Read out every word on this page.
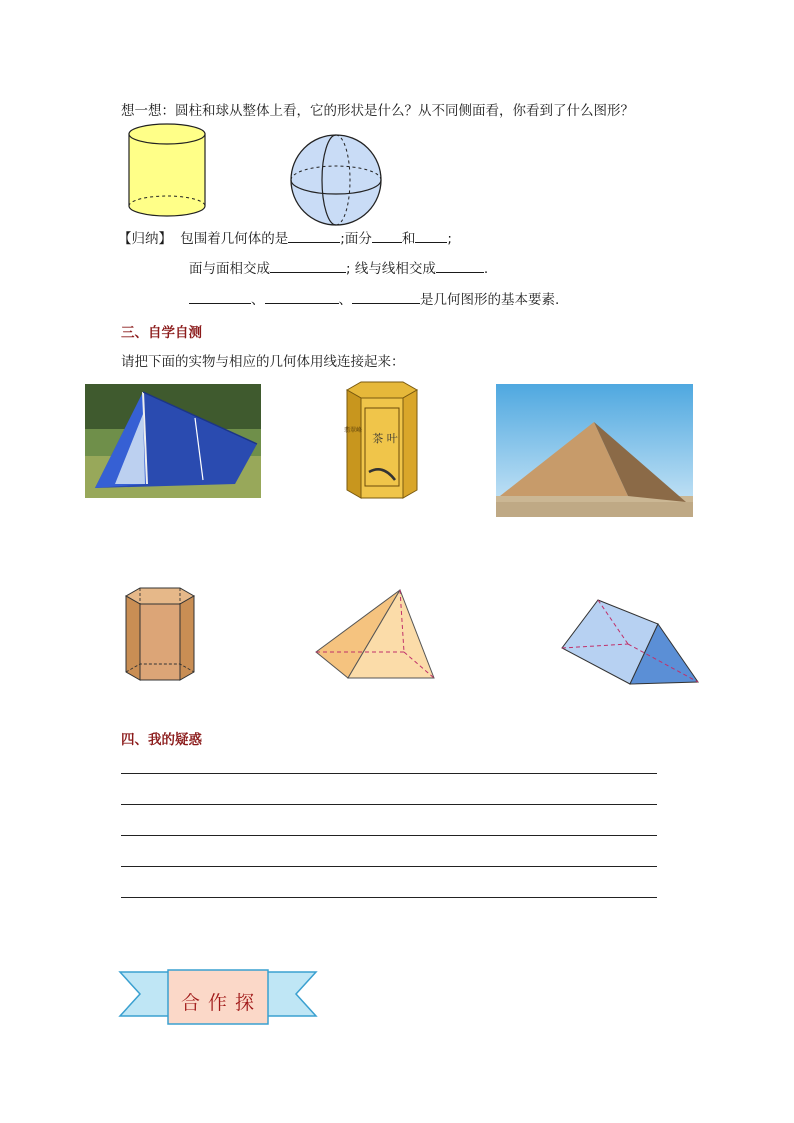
想一想：圆柱和球从整体上看，它的形状是什么？从不同侧面看，你看到了什么图形？
【归纳】 包围着几何体的是	;面分 和 ;
面与面相交成	; 线与线相交成	.
、	、	是几何图形的基本要素.
三、自学自测
请把下面的实物与相应的几何体用线连接起来：
茶 叶
翡翠峰
四、我的疑惑
合 作 探
